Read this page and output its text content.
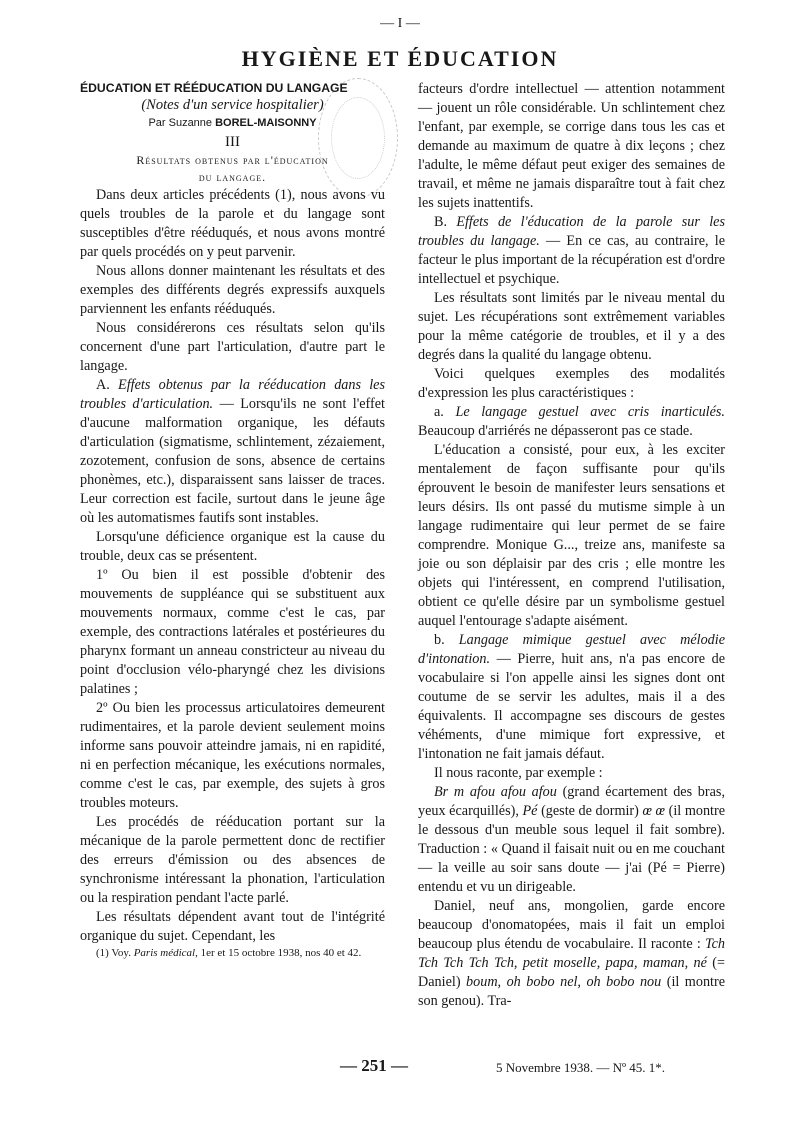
— I —
HYGIÈNE ET ÉDUCATION

ÉDUCATION ET RÉÉDUCATION DU LANGAGE

(Notes d'un service hospitalier)

Par Suzanne BOREL-MAISONNY

III

Résultats obtenus par l'éducation
du langage.

Dans deux articles précédents (1), nous avons vu quels troubles de la parole et du langage sont susceptibles d'être rééduqués, et nous avons montré par quels procédés on y peut parvenir.

Nous allons donner maintenant les résultats et des exemples des différents degrés expressifs auxquels parviennent les enfants rééduqués.

Nous considérerons ces résultats selon qu'ils concernent d'une part l'articulation, d'autre part le langage.

A. Effets obtenus par la rééducation dans les troubles d'articulation. — Lorsqu'ils ne sont l'effet d'aucune malformation organique, les défauts d'articulation (sigmatisme, schlintement, zézaiement, zozotement, confusion de sons, absence de certains phonèmes, etc.), disparaissent sans laisser de traces. Leur correction est facile, surtout dans le jeune âge où les automatismes fautifs sont instables.

Lorsqu'une déficience organique est la cause du trouble, deux cas se présentent.

1º Ou bien il est possible d'obtenir des mouvements de suppléance qui se substituent aux mouvements normaux, comme c'est le cas, par exemple, des contractions latérales et postérieures du pharynx formant un anneau constricteur au niveau du point d'occlusion vélo-pharyngé chez les divisions palatines ;

2º Ou bien les processus articulatoires demeurent rudimentaires, et la parole devient seulement moins informe sans pouvoir atteindre jamais, ni en rapidité, ni en perfection mécanique, les exécutions normales, comme c'est le cas, par exemple, des sujets à gros troubles moteurs.

Les procédés de rééducation portant sur la mécanique de la parole permettent donc de rectifier des erreurs d'émission ou des absences de synchronisme intéressant la phonation, l'articulation ou la respiration pendant l'acte parlé.

Les résultats dépendent avant tout de l'intégrité organique du sujet. Cependant, les

(1) Voy. Paris médical, 1er et 15 octobre 1938, nos 40 et 42.

facteurs d'ordre intellectuel — attention notamment — jouent un rôle considérable. Un schlintement chez l'enfant, par exemple, se corrige dans tous les cas et demande au maximum de quatre à dix leçons ; chez l'adulte, le même défaut peut exiger des semaines de travail, et même ne jamais disparaître tout à fait chez les sujets inattentifs.

B. Effets de l'éducation de la parole sur les troubles du langage. — En ce cas, au contraire, le facteur le plus important de la récupération est d'ordre intellectuel et psychique.

Les résultats sont limités par le niveau mental du sujet. Les récupérations sont extrêmement variables pour la même catégorie de troubles, et il y a des degrés dans la qualité du langage obtenu.

Voici quelques exemples des modalités d'expression les plus caractéristiques :

a. Le langage gestuel avec cris inarticulés. Beaucoup d'arriérés ne dépasseront pas ce stade.

L'éducation a consisté, pour eux, à les exciter mentalement de façon suffisante pour qu'ils éprouvent le besoin de manifester leurs sensations et leurs désirs. Ils ont passé du mutisme simple à un langage rudimentaire qui leur permet de se faire comprendre. Monique G..., treize ans, manifeste sa joie ou son déplaisir par des cris ; elle montre les objets qui l'intéressent, en comprend l'utilisation, obtient ce qu'elle désire par un symbolisme gestuel auquel l'entourage s'adapte aisément.

b. Langage mimique gestuel avec mélodie d'intonation. — Pierre, huit ans, n'a pas encore de vocabulaire si l'on appelle ainsi les signes dont ont coutume de se servir les adultes, mais il a des équivalents. Il accompagne ses discours de gestes véhéments, d'une mimique fort expressive, et l'intonation ne fait jamais défaut.

Il nous raconte, par exemple :

Br m afou afou afou (grand écartement des bras, yeux écarquillés), Pé (geste de dormir) œ œ (il montre le dessous d'un meuble sous lequel il fait sombre). Traduction : « Quand il faisait nuit ou en me couchant — la veille au soir sans doute — j'ai (Pé = Pierre) entendu et vu un dirigeable.

Daniel, neuf ans, mongolien, garde encore beaucoup d'onomatopées, mais il fait un emploi beaucoup plus étendu de vocabulaire. Il raconte : Tch Tch Tch Tch Tch, petit moselle, papa, maman, né (= Daniel) boum, oh bobo nel, oh bobo nou (il montre son genou). Tra-

— 251 —	5 Novembre 1938. — Nº 45. 1*.
